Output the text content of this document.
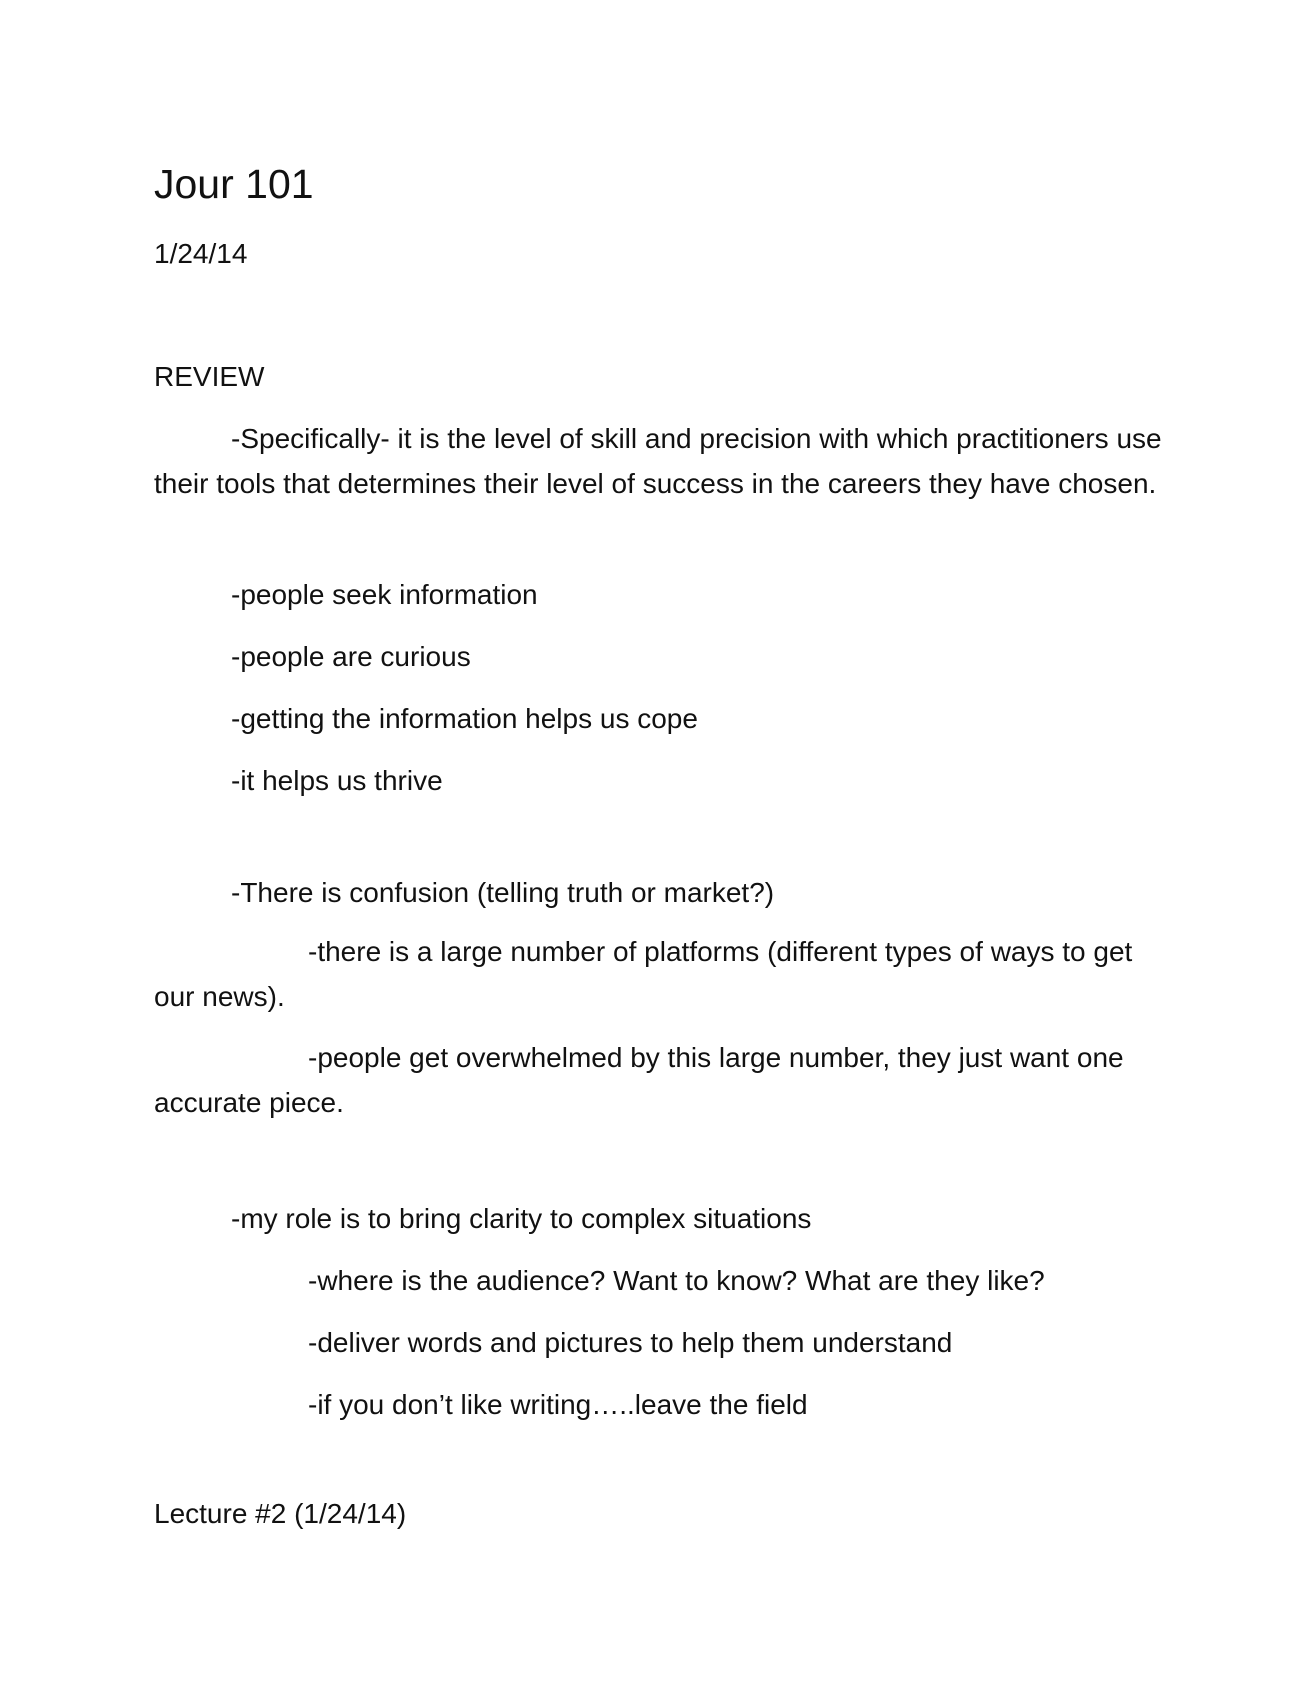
Jour 101
1/24/14
REVIEW
-Specifically- it is the level of skill and precision with which practitioners use their tools that determines their level of success in the careers they have chosen.
-people seek information
-people are curious
-getting the information helps us cope
-it helps us thrive
-There is confusion (telling truth or market?)
-there is a large number of platforms (different types of ways to get our news).
-people get overwhelmed by this large number, they just want one accurate piece.
-my role is to bring clarity to complex situations
-where is the audience? Want to know? What are they like?
-deliver words and pictures to help them understand
-if you don’t like writing…..leave the field
Lecture #2 (1/24/14)
